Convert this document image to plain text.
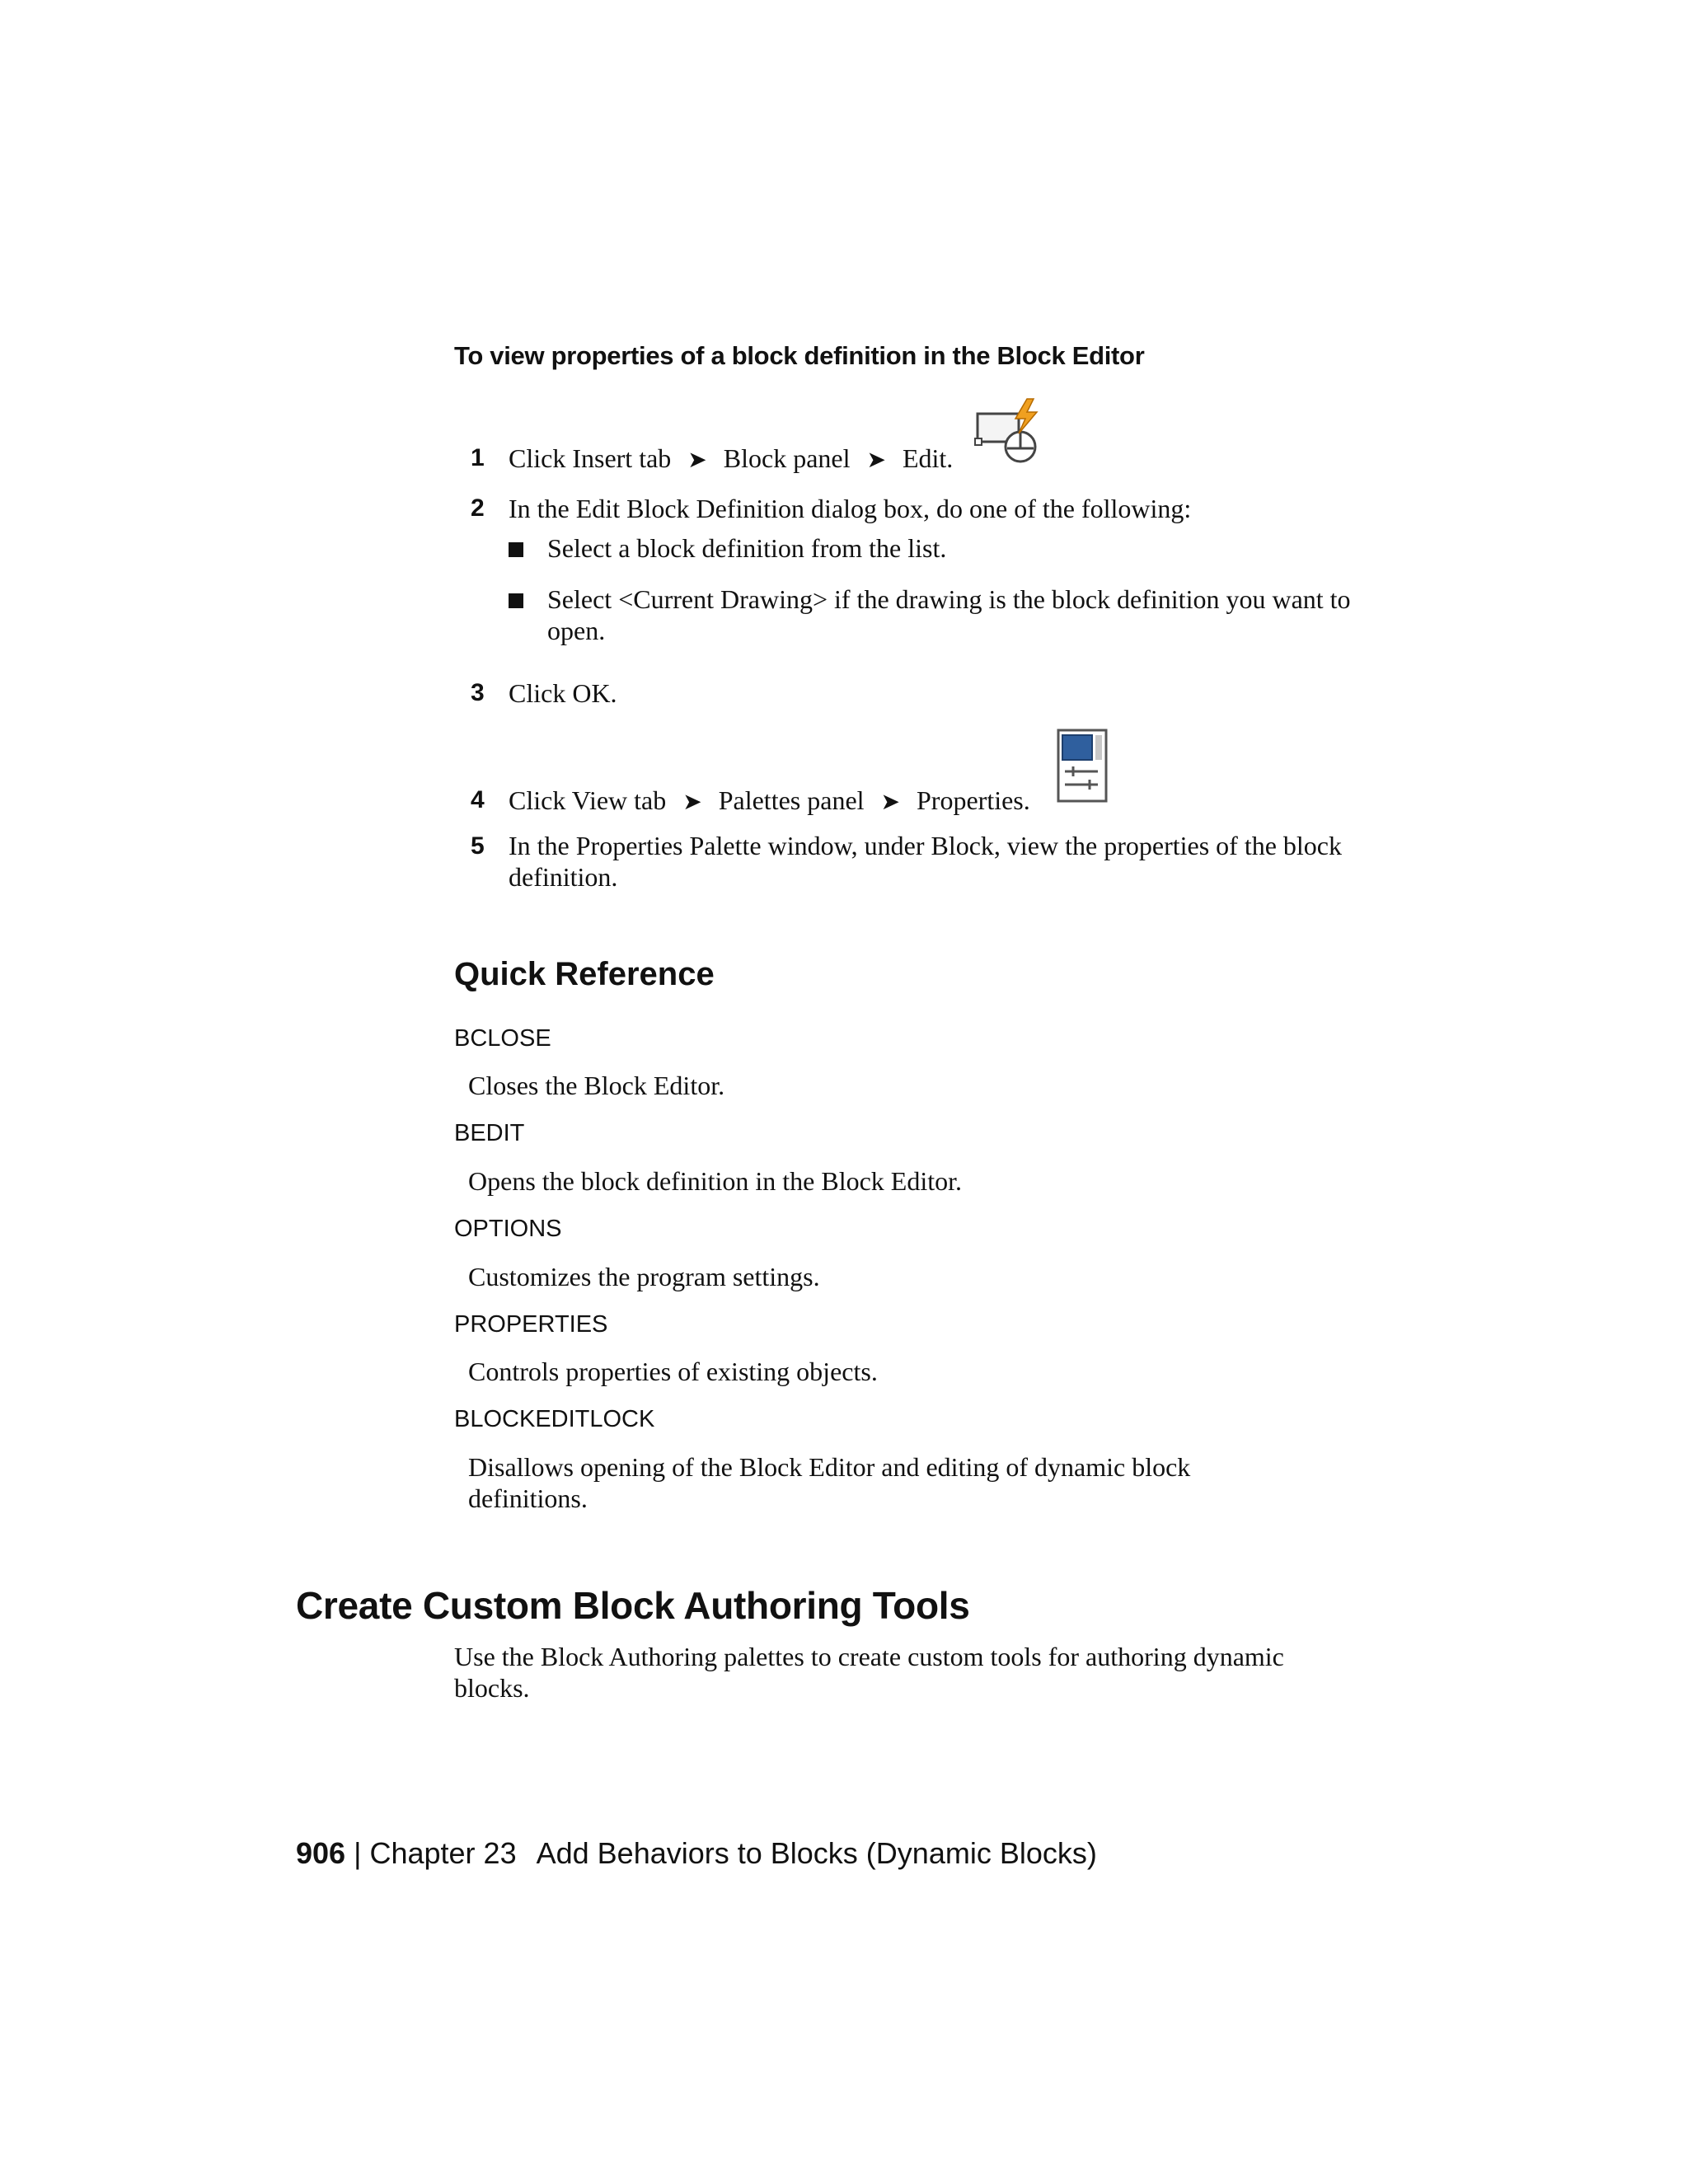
To view properties of a block definition in the Block Editor
1 Click Insert tab ➤ Block panel ➤ Edit.
2 In the Edit Block Definition dialog box, do one of the following:
Select a block definition from the list.
Select <Current Drawing> if the drawing is the block definition you want to open.
3 Click OK.
4 Click View tab ➤ Palettes panel ➤ Properties.
5 In the Properties Palette window, under Block, view the properties of the block definition.
Quick Reference
BCLOSE
Closes the Block Editor.
BEDIT
Opens the block definition in the Block Editor.
OPTIONS
Customizes the program settings.
PROPERTIES
Controls properties of existing objects.
BLOCKEDITLOCK
Disallows opening of the Block Editor and editing of dynamic block definitions.
Create Custom Block Authoring Tools
Use the Block Authoring palettes to create custom tools for authoring dynamic blocks.
906 | Chapter 23 Add Behaviors to Blocks (Dynamic Blocks)
